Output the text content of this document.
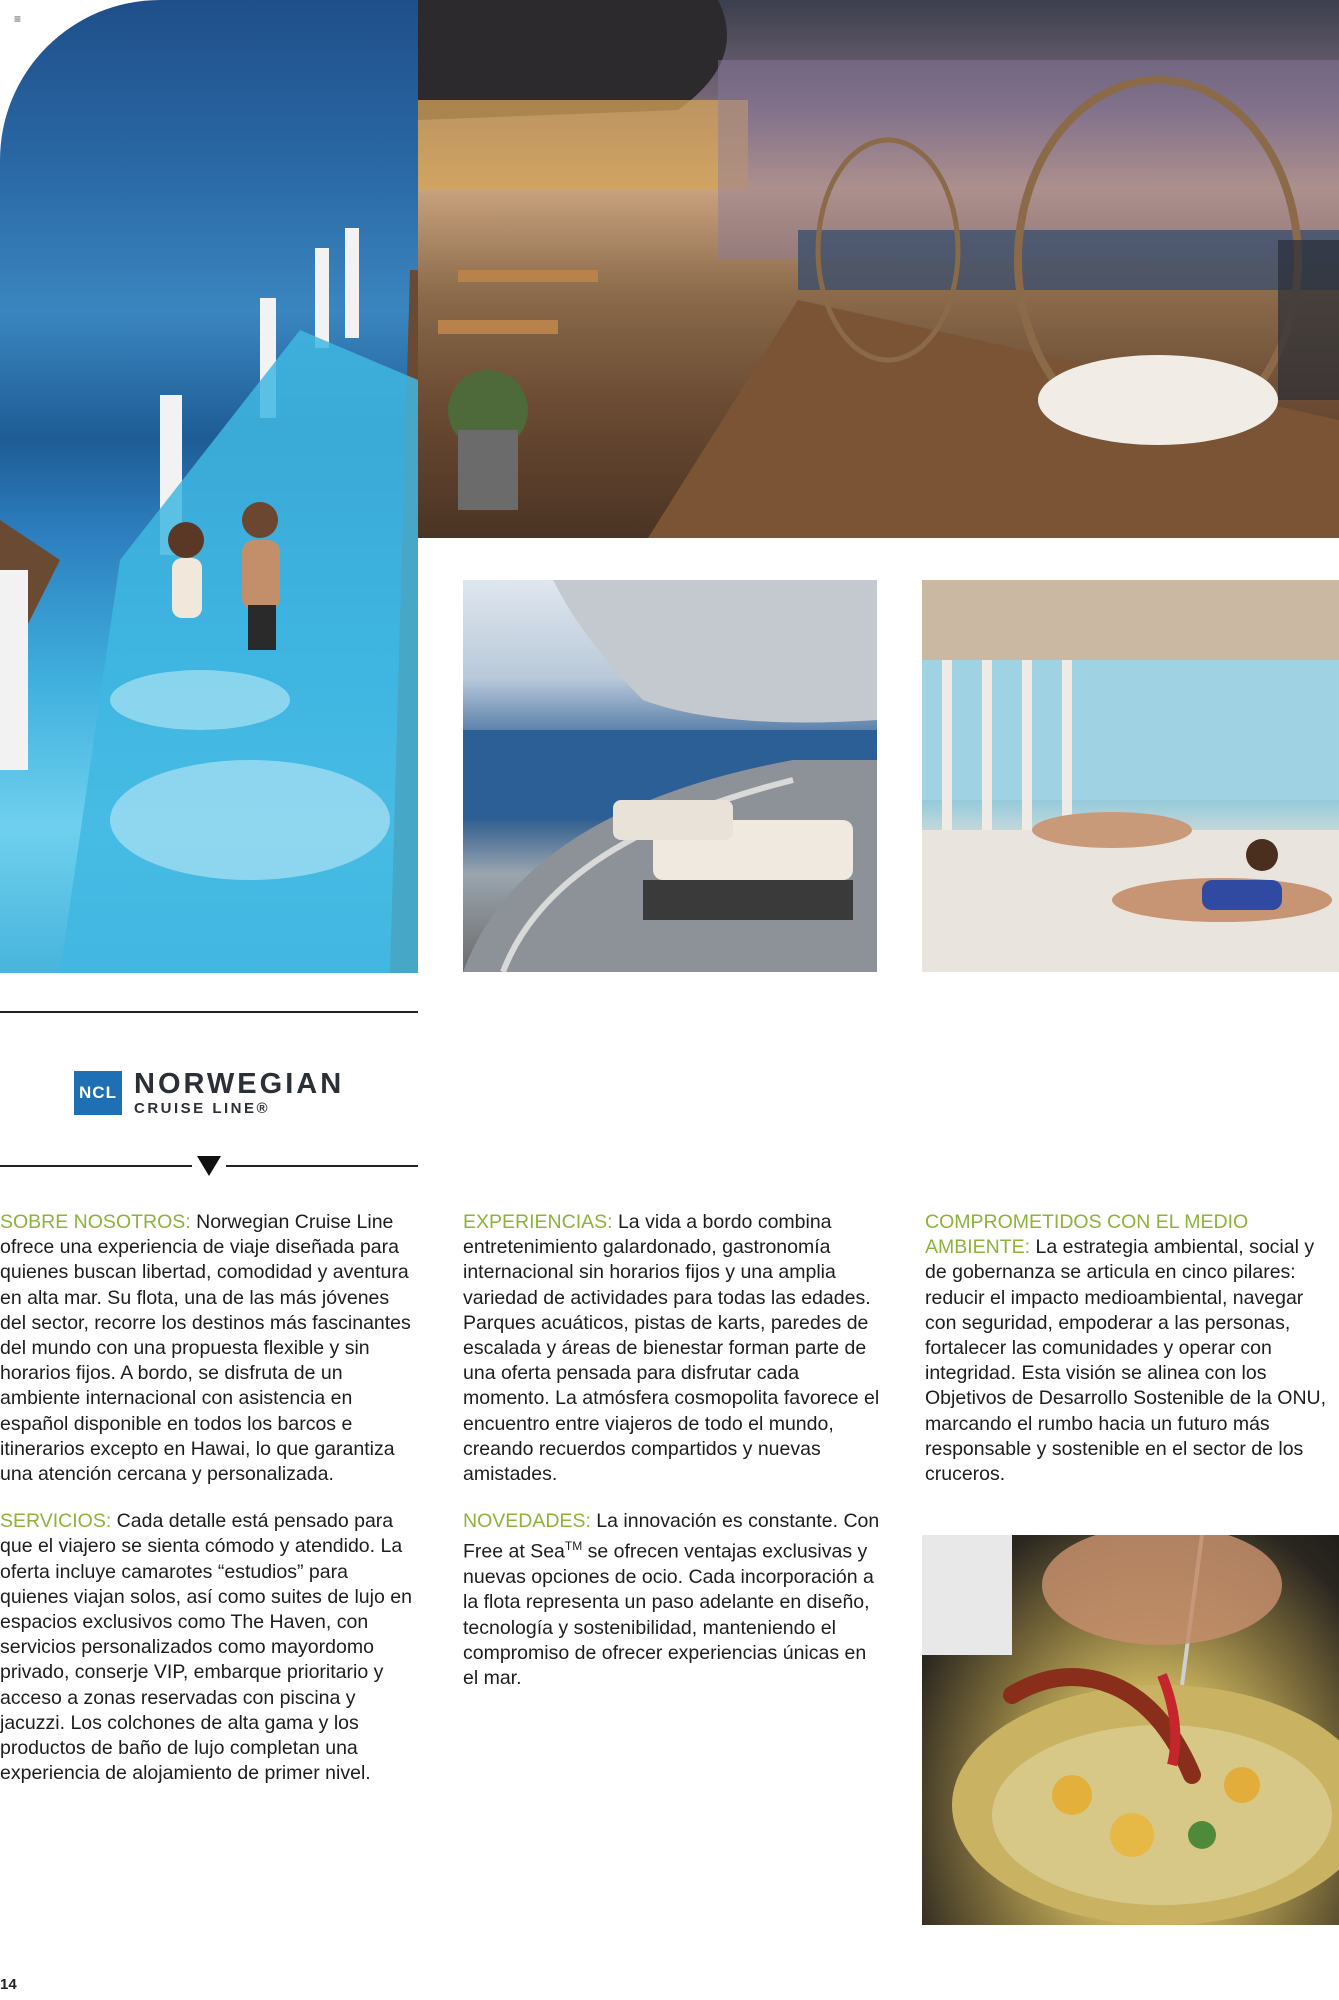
≡
NCL NORWEGIAN
CRUISE LINE®

SOBRE NOSOTROS: Norwegian Cruise Line ofrece una experiencia de viaje diseñada para quienes buscan libertad, comodidad y aventura en alta mar. Su flota, una de las más jóvenes del sector, recorre los destinos más fascinantes del mundo con una propuesta flexible y sin horarios fijos. A bordo, se disfruta de un ambiente internacional con asistencia en español disponible en todos los barcos e itinerarios excepto en Hawai, lo que garantiza una atención cercana y personalizada.

SERVICIOS: Cada detalle está pensado para que el viajero se sienta cómodo y atendido. La oferta incluye camarotes “estudios” para quienes viajan solos, así como suites de lujo en espacios exclusivos como The Haven, con servicios personalizados como mayordomo privado, conserje VIP, embarque prioritario y acceso a zonas reservadas con piscina y jacuzzi. Los colchones de alta gama y los productos de baño de lujo completan una experiencia de alojamiento de primer nivel.

EXPERIENCIAS: La vida a bordo combina entretenimiento galardonado, gastronomía internacional sin horarios fijos y una amplia variedad de actividades para todas las edades. Parques acuáticos, pistas de karts, paredes de escalada y áreas de bienestar forman parte de una oferta pensada para disfrutar cada momento. La atmósfera cosmopolita favorece el encuentro entre viajeros de todo el mundo, creando recuerdos compartidos y nuevas amistades.

NOVEDADES: La innovación es constante. Con Free at Sea™ se ofrecen ventajas exclusivas y nuevas opciones de ocio. Cada incorporación a la flota representa un paso adelante en diseño, tecnología y sostenibilidad, manteniendo el compromiso de ofrecer experiencias únicas en el mar.

COMPROMETIDOS CON EL MEDIO AMBIENTE: La estrategia ambiental, social y de gobernanza se articula en cinco pilares: reducir el impacto medioambiental, navegar con seguridad, empoderar a las personas, fortalecer las comunidades y operar con integridad. Esta visión se alinea con los Objetivos de Desarrollo Sostenible de la ONU, marcando el rumbo hacia un futuro más responsable y sostenible en el sector de los cruceros.

14
